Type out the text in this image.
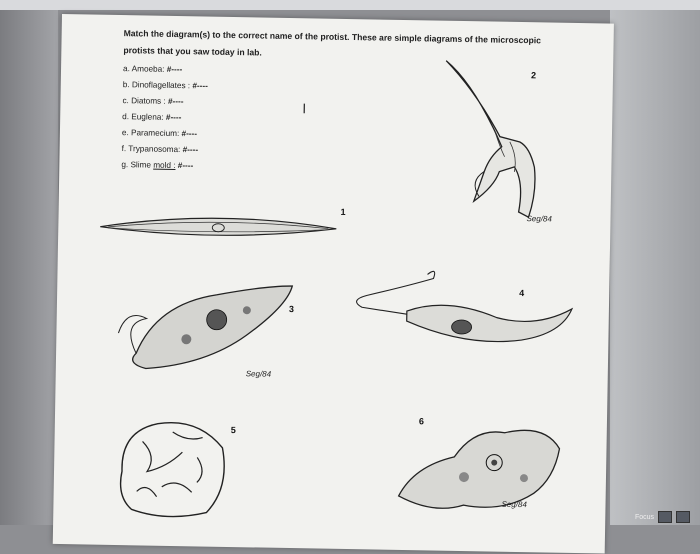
Match the diagram(s) to the correct name of the protist. These are simple diagrams of the microscopic protists that you saw today in lab.
a. Amoeba: #----
b. Dinoflagellates : #----
c. Diatoms : #----
d. Euglena: #----
e. Paramecium: #----
f. Trypanosoma: #----
g. Slime mold : #----
I
2
Seg/84
1
3
Seg/84
4
5
6
Seg/84
Focus
